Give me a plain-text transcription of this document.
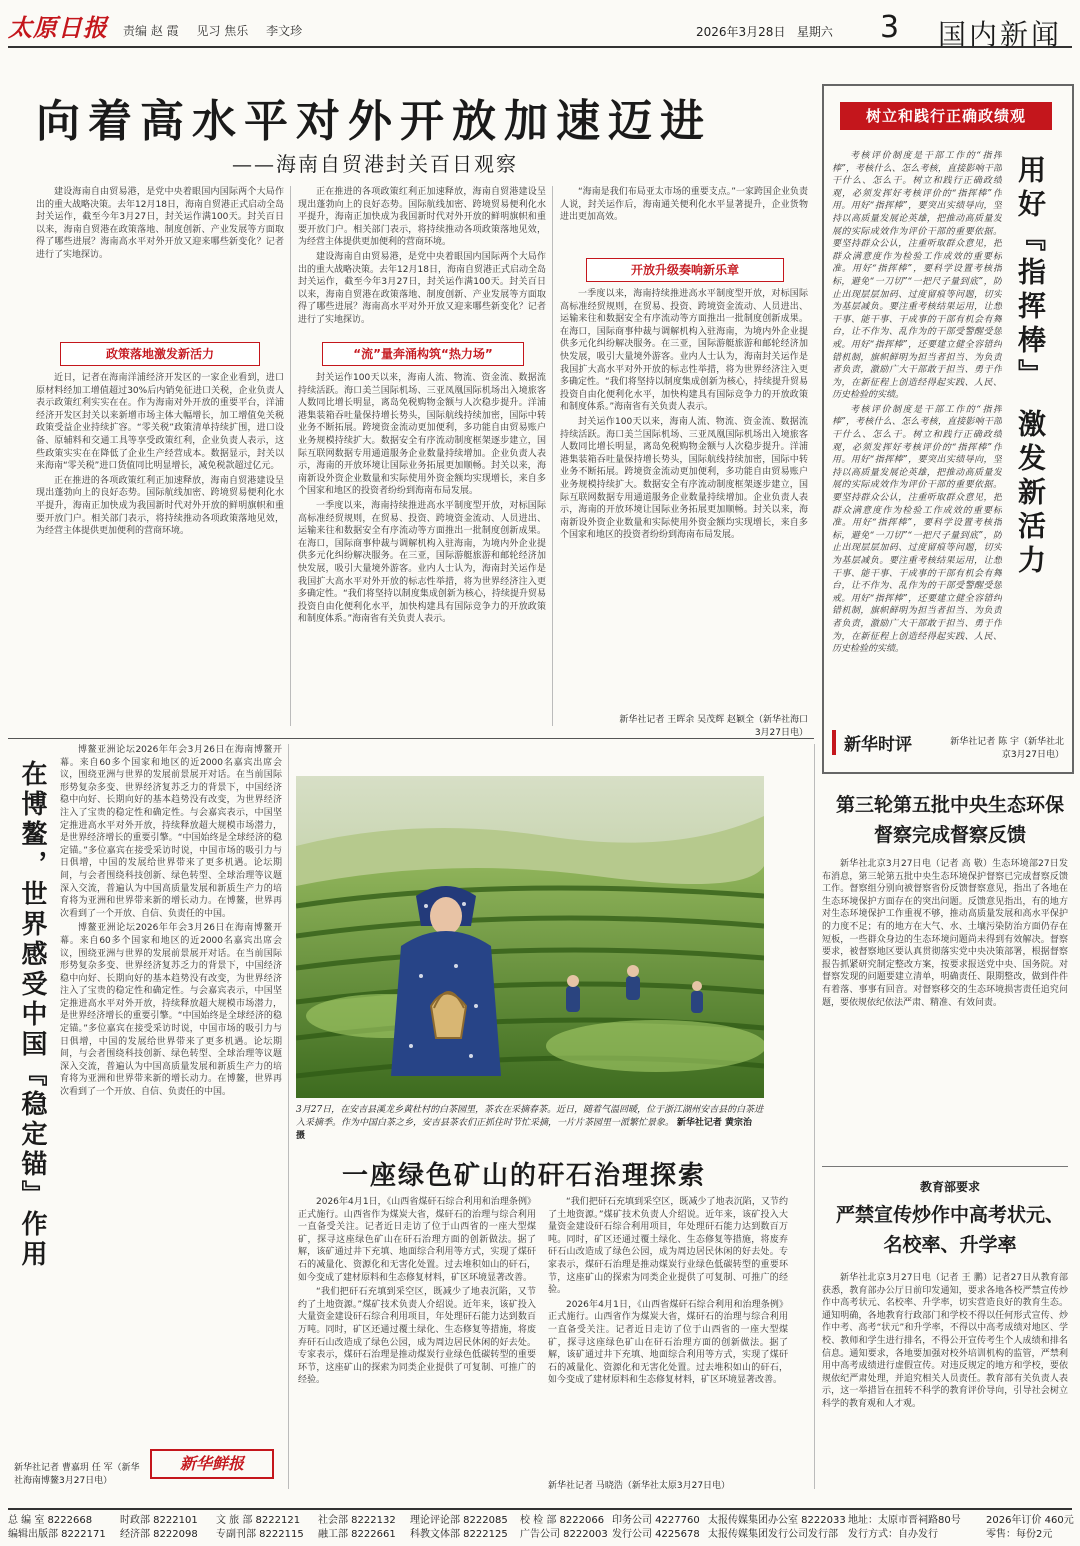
太原日报 责编 赵 霞 见习 焦乐 李文珍	2026年3月28日 星期六 3 国内新闻
向着高水平对外开放加速迈进
——海南自贸港封关百日观察

建设海南自由贸易港，是党中央着眼国内国际两个大局作出的重大战略决策。去年12月18日，海南自贸港正式启动全岛封关运作，截至今年3月27日，封关运作满100天。封关百日以来，海南自贸港在政策落地、制度创新、产业发展等方面取得了哪些进展？海南高水平对外开放又迎来哪些新变化？记者进行了实地探访。

政策落地激发新活力

近日，记者在海南洋浦经济开发区的一家企业看到，进口原材料经加工增值超过30%后内销免征进口关税，企业负责人表示政策红利实实在在。作为海南对外开放的重要平台，洋浦经济开发区封关以来新增市场主体大幅增长，加工增值免关税政策受益企业持续扩容。“零关税”政策清单持续扩围，进口设备、原辅料和交通工具等享受政策红利，企业负责人表示，这些政策实实在在降低了企业生产经营成本。数据显示，封关以来海南“零关税”进口货值同比明显增长，减免税款超过亿元。

正在推进的各项政策红利正加速释放，海南自贸港建设呈现出蓬勃向上的良好态势。国际航线加密、跨境贸易便利化水平提升，海南正加快成为我国新时代对外开放的鲜明旗帜和重要开放门户。相关部门表示，将持续推动各项政策落地见效，为经营主体提供更加便利的营商环境。

正在推进的各项政策红利正加速释放，海南自贸港建设呈现出蓬勃向上的良好态势。国际航线加密、跨境贸易便利化水平提升，海南正加快成为我国新时代对外开放的鲜明旗帜和重要开放门户。相关部门表示，将持续推动各项政策落地见效，为经营主体提供更加便利的营商环境。

建设海南自由贸易港，是党中央着眼国内国际两个大局作出的重大战略决策。去年12月18日，海南自贸港正式启动全岛封关运作，截至今年3月27日，封关运作满100天。封关百日以来，海南自贸港在政策落地、制度创新、产业发展等方面取得了哪些进展？海南高水平对外开放又迎来哪些新变化？记者进行了实地探访。

“流”量奔涌构筑“热力场”

封关运作100天以来，海南人流、物流、资金流、数据流持续活跃。海口美兰国际机场、三亚凤凰国际机场出入境旅客人数同比增长明显，离岛免税购物金额与人次稳步提升。洋浦港集装箱吞吐量保持增长势头，国际航线持续加密，国际中转业务不断拓展。跨境资金流动更加便利，多功能自由贸易账户业务规模持续扩大。数据安全有序流动制度框架逐步建立，国际互联网数据专用通道服务企业数量持续增加。企业负责人表示，海南的开放环境让国际业务拓展更加顺畅。封关以来，海南新设外资企业数量和实际使用外资金额均实现增长，来自多个国家和地区的投资者纷纷到海南布局发展。

一季度以来，海南持续推进高水平制度型开放，对标国际高标准经贸规则，在贸易、投资、跨境资金流动、人员进出、运输来往和数据安全有序流动等方面推出一批制度创新成果。在海口，国际商事仲裁与调解机构入驻海南，为境内外企业提供多元化纠纷解决服务。在三亚，国际游艇旅游和邮轮经济加快发展，吸引大量境外游客。业内人士认为，海南封关运作是我国扩大高水平对外开放的标志性举措，将为世界经济注入更多确定性。“我们将坚持以制度集成创新为核心，持续提升贸易投资自由化便利化水平，加快构建具有国际竞争力的开放政策和制度体系。”海南省有关负责人表示。

“海南是我们布局亚太市场的重要支点。”一家跨国企业负责人说，封关运作后，海南通关便利化水平显著提升，企业货物进出更加高效。

开放升级奏响新乐章

一季度以来，海南持续推进高水平制度型开放，对标国际高标准经贸规则，在贸易、投资、跨境资金流动、人员进出、运输来往和数据安全有序流动等方面推出一批制度创新成果。在海口，国际商事仲裁与调解机构入驻海南，为境内外企业提供多元化纠纷解决服务。在三亚，国际游艇旅游和邮轮经济加快发展，吸引大量境外游客。业内人士认为，海南封关运作是我国扩大高水平对外开放的标志性举措，将为世界经济注入更多确定性。“我们将坚持以制度集成创新为核心，持续提升贸易投资自由化便利化水平，加快构建具有国际竞争力的开放政策和制度体系。”海南省有关负责人表示。

封关运作100天以来，海南人流、物流、资金流、数据流持续活跃。海口美兰国际机场、三亚凤凰国际机场出入境旅客人数同比增长明显，离岛免税购物金额与人次稳步提升。洋浦港集装箱吞吐量保持增长势头，国际航线持续加密，国际中转业务不断拓展。跨境资金流动更加便利，多功能自由贸易账户业务规模持续扩大。数据安全有序流动制度框架逐步建立，国际互联网数据专用通道服务企业数量持续增加。企业负责人表示，海南的开放环境让国际业务拓展更加顺畅。封关以来，海南新设外资企业数量和实际使用外资金额均实现增长，来自多个国家和地区的投资者纷纷到海南布局发展。

新华社记者 王晖余 吴茂辉 赵颖全（新华社海口3月27日电）
树立和践行正确政绩观
用好『指挥棒』 激发新活力

考核评价制度是干部工作的“指挥棒”，考核什么、怎么考核，直接影响干部干什么、怎么干。树立和践行正确政绩观，必须发挥好考核评价的“指挥棒”作用。用好“指挥棒”，要突出实绩导向，坚持以高质量发展论英雄，把推动高质量发展的实际成效作为评价干部的重要依据。要坚持群众公认，注重听取群众意见，把群众满意度作为检验工作成效的重要标准。用好“指挥棒”，要科学设置考核指标，避免“一刀切”“一把尺子量到底”，防止出现层层加码、过度留痕等问题，切实为基层减负。要注重考核结果运用，让想干事、能干事、干成事的干部有机会有舞台，让不作为、乱作为的干部受警醒受惩戒。用好“指挥棒”，还要建立健全容错纠错机制，旗帜鲜明为担当者担当、为负责者负责，激励广大干部敢于担当、勇于作为，在新征程上创造经得起实践、人民、历史检验的实绩。

考核评价制度是干部工作的“指挥棒”，考核什么、怎么考核，直接影响干部干什么、怎么干。树立和践行正确政绩观，必须发挥好考核评价的“指挥棒”作用。用好“指挥棒”，要突出实绩导向，坚持以高质量发展论英雄，把推动高质量发展的实际成效作为评价干部的重要依据。要坚持群众公认，注重听取群众意见，把群众满意度作为检验工作成效的重要标准。用好“指挥棒”，要科学设置考核指标，避免“一刀切”“一把尺子量到底”，防止出现层层加码、过度留痕等问题，切实为基层减负。要注重考核结果运用，让想干事、能干事、干成事的干部有机会有舞台，让不作为、乱作为的干部受警醒受惩戒。用好“指挥棒”，还要建立健全容错纠错机制，旗帜鲜明为担当者担当、为负责者负责，激励广大干部敢于担当、勇于作为，在新征程上创造经得起实践、人民、历史检验的实绩。

新华时评	新华社记者 陈 宇（新华社北京3月27日电）
在博鳌，世界感受中国『稳定锚』作用

博鳌亚洲论坛2026年年会3月26日在海南博鳌开幕。来自60多个国家和地区的近2000名嘉宾出席会议，围绕亚洲与世界的发展前景展开对话。在当前国际形势复杂多变、世界经济复苏乏力的背景下，中国经济稳中向好、长期向好的基本趋势没有改变，为世界经济注入了宝贵的稳定性和确定性。与会嘉宾表示，中国坚定推进高水平对外开放，持续释放超大规模市场潜力，是世界经济增长的重要引擎。“中国始终是全球经济的稳定锚。”多位嘉宾在接受采访时说，中国市场的吸引力与日俱增，中国的发展给世界带来了更多机遇。论坛期间，与会者围绕科技创新、绿色转型、全球治理等议题深入交流，普遍认为中国高质量发展和新质生产力的培育将为亚洲和世界带来新的增长动力。在博鳌，世界再次看到了一个开放、自信、负责任的中国。

博鳌亚洲论坛2026年年会3月26日在海南博鳌开幕。来自60多个国家和地区的近2000名嘉宾出席会议，围绕亚洲与世界的发展前景展开对话。在当前国际形势复杂多变、世界经济复苏乏力的背景下，中国经济稳中向好、长期向好的基本趋势没有改变，为世界经济注入了宝贵的稳定性和确定性。与会嘉宾表示，中国坚定推进高水平对外开放，持续释放超大规模市场潜力，是世界经济增长的重要引擎。“中国始终是全球经济的稳定锚。”多位嘉宾在接受采访时说，中国市场的吸引力与日俱增，中国的发展给世界带来了更多机遇。论坛期间，与会者围绕科技创新、绿色转型、全球治理等议题深入交流，普遍认为中国高质量发展和新质生产力的培育将为亚洲和世界带来新的增长动力。在博鳌，世界再次看到了一个开放、自信、负责任的中国。

新华鲜报
新华社记者 曹嘉玥 任 军（新华社海南博鳌3月27日电）
3月27日，在安吉县溪龙乡黄杜村的白茶园里，茶农在采摘春茶。近日，随着气温回暖，位于浙江湖州安吉县的白茶进入采摘季。作为中国白茶之乡，安吉县茶农们正抓住时节忙采摘，一片片茶园里一派繁忙景象。 新华社记者 黄宗治 摄
一座绿色矿山的矸石治理探索

2026年4月1日，《山西省煤矸石综合利用和治理条例》正式施行。山西省作为煤炭大省，煤矸石的治理与综合利用一直备受关注。记者近日走访了位于山西省的一座大型煤矿，探寻这座绿色矿山在矸石治理方面的创新做法。据了解，该矿通过井下充填、地面综合利用等方式，实现了煤矸石的减量化、资源化和无害化处置。过去堆积如山的矸石，如今变成了建材原料和生态修复材料，矿区环境显著改善。

“我们把矸石充填到采空区，既减少了地表沉陷，又节约了土地资源。”煤矿技术负责人介绍说。近年来，该矿投入大量资金建设矸石综合利用项目，年处理矸石能力达到数百万吨。同时，矿区还通过覆土绿化、生态修复等措施，将废弃矸石山改造成了绿色公园，成为周边居民休闲的好去处。专家表示，煤矸石治理是推动煤炭行业绿色低碳转型的重要环节，这座矿山的探索为同类企业提供了可复制、可推广的经验。

“我们把矸石充填到采空区，既减少了地表沉陷，又节约了土地资源。”煤矿技术负责人介绍说。近年来，该矿投入大量资金建设矸石综合利用项目，年处理矸石能力达到数百万吨。同时，矿区还通过覆土绿化、生态修复等措施，将废弃矸石山改造成了绿色公园，成为周边居民休闲的好去处。专家表示，煤矸石治理是推动煤炭行业绿色低碳转型的重要环节，这座矿山的探索为同类企业提供了可复制、可推广的经验。

2026年4月1日，《山西省煤矸石综合利用和治理条例》正式施行。山西省作为煤炭大省，煤矸石的治理与综合利用一直备受关注。记者近日走访了位于山西省的一座大型煤矿，探寻这座绿色矿山在矸石治理方面的创新做法。据了解，该矿通过井下充填、地面综合利用等方式，实现了煤矸石的减量化、资源化和无害化处置。过去堆积如山的矸石，如今变成了建材原料和生态修复材料，矿区环境显著改善。

新华社记者 马晓浩（新华社太原3月27日电）
第三轮第五批中央生态环保督察完成督察反馈

新华社北京3月27日电（记者 高 敬）生态环境部27日发布消息，第三轮第五批中央生态环境保护督察已完成督察反馈工作。督察组分别向被督察省份反馈督察意见，指出了各地在生态环境保护方面存在的突出问题。反馈意见指出，有的地方对生态环境保护工作重视不够，推动高质量发展和高水平保护的力度不足；有的地方在大气、水、土壤污染防治方面仍存在短板，一些群众身边的生态环境问题尚未得到有效解决。督察要求，被督察地区要认真贯彻落实党中央决策部署，根据督察报告抓紧研究制定整改方案，按要求报送党中央、国务院。对督察发现的问题要建立清单，明确责任、限期整改，做到件件有着落、事事有回音。对督察移交的生态环境损害责任追究问题，要依规依纪依法严肃、精准、有效问责。

教育部要求
严禁宣传炒作中高考状元、名校率、升学率

新华社北京3月27日电（记者 王 鹏）记者27日从教育部获悉，教育部办公厅日前印发通知，要求各地各校严禁宣传炒作中高考状元、名校率、升学率，切实营造良好的教育生态。通知明确，各地教育行政部门和学校不得以任何形式宣传、炒作中考、高考“状元”和升学率，不得以中高考成绩对地区、学校、教师和学生进行排名，不得公开宣传考生个人成绩和排名信息。通知要求，各地要加强对校外培训机构的监管，严禁利用中高考成绩进行虚假宣传。对违反规定的地方和学校，要依规依纪严肃处理，并追究相关人员责任。教育部有关负责人表示，这一举措旨在扭转不科学的教育评价导向，引导社会树立科学的教育观和人才观。

总 编 室 8222668
编辑出版部 8222171
时政部 8222101
经济部 8222098
文 旅 部 8222121
专副刊部 8222115
社会部 8222132
融工部 8222661
理论评论部 8222085
科教文体部 8222125
校 检 部 8222066
广告公司 8222003
印务公司 4227760
发行公司 4225678
太报传媒集团办公室 8222033
太报传媒集团发行公司发行部
地址：太原市晋祠路80号
发行方式：自办发行
2026年订价 460元
零售：每份2元
